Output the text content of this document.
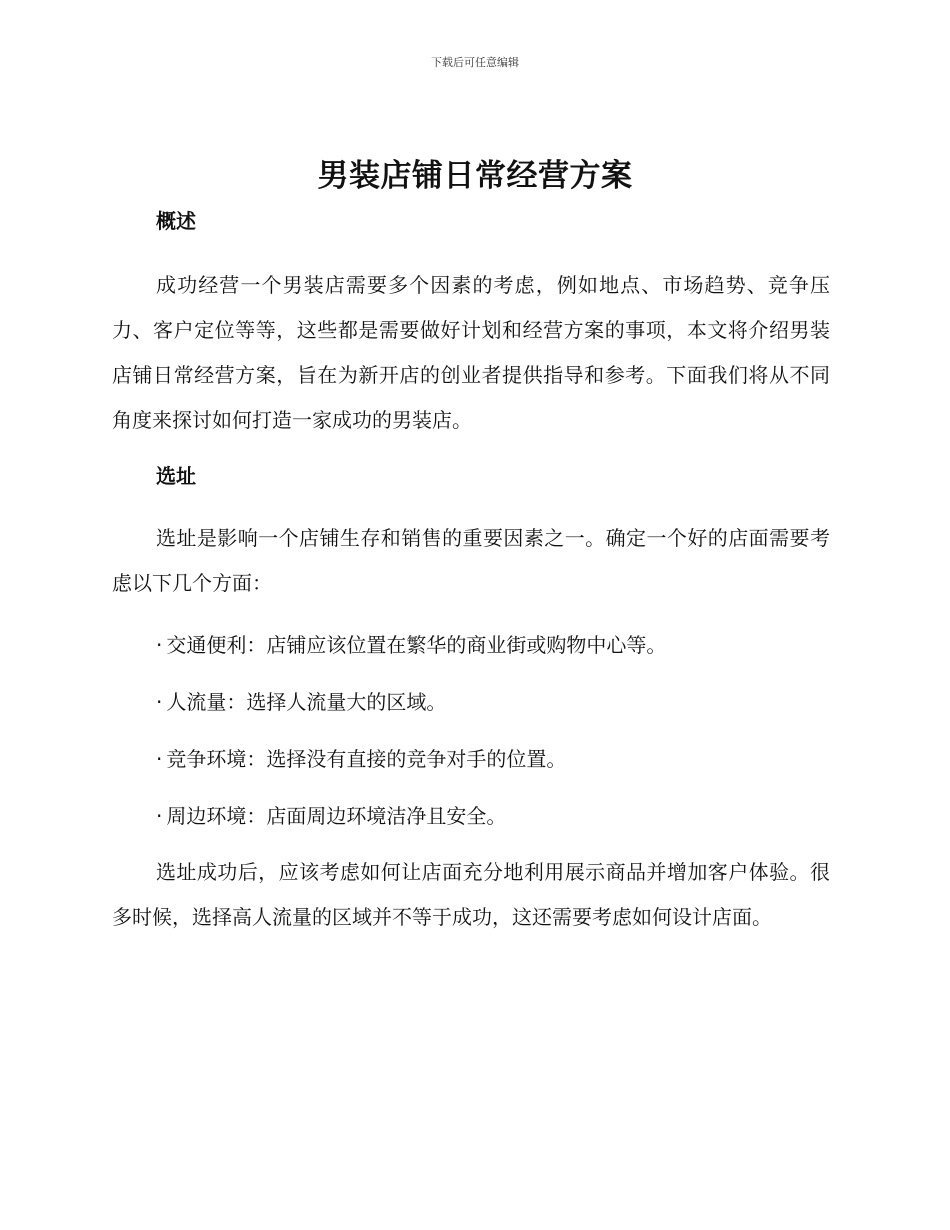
下载后可任意编辑
男装店铺日常经营方案
概述

成功经营一个男装店需要多个因素的考虑，例如地点、市场趋势、竞争压力、客户定位等等，这些都是需要做好计划和经营方案的事项，本文将介绍男装店铺日常经营方案，旨在为新开店的创业者提供指导和参考。下面我们将从不同角度来探讨如何打造一家成功的男装店。

选址

选址是影响一个店铺生存和销售的重要因素之一。确定一个好的店面需要考虑以下几个方面：

· 交通便利：店铺应该位置在繁华的商业街或购物中心等。

· 人流量：选择人流量大的区域。

· 竞争环境：选择没有直接的竞争对手的位置。

· 周边环境：店面周边环境洁净且安全。

选址成功后，应该考虑如何让店面充分地利用展示商品并增加客户体验。很多时候，选择高人流量的区域并不等于成功，这还需要考虑如何设计店面。
